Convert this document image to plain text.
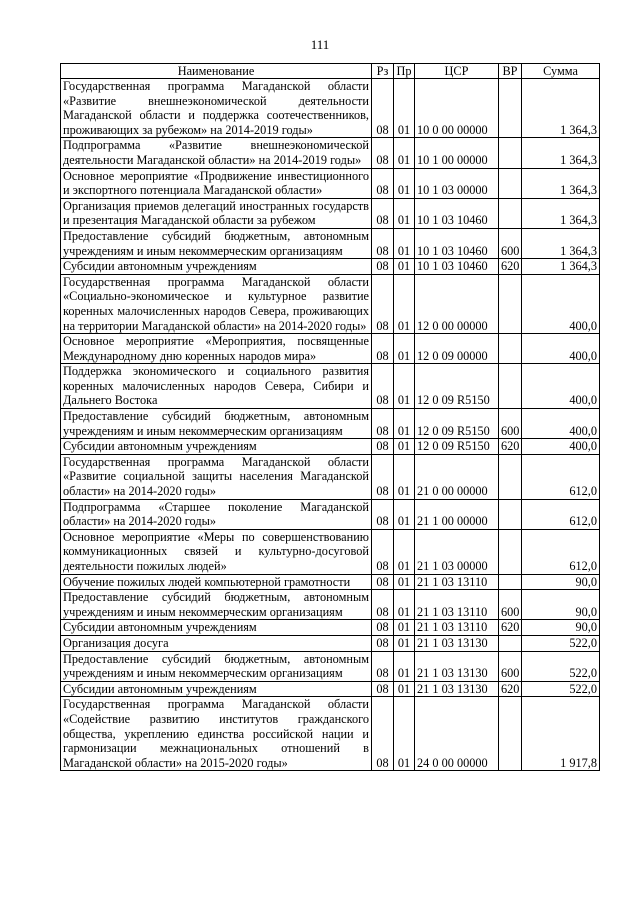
111
Наименование	Рз	Пр	ЦСР	ВР	Сумма
Государственная программа Магаданской области «Развитие внешнеэкономической деятельности Магаданской области и поддержка соотечественников, проживающих за рубежом» на 2014-2019 годы»	08	01	10 0 00 00000		1 364,3
Подпрограмма «Развитие внешнеэкономической деятельности Магаданской области» на 2014-2019 годы»	08	01	10 1 00 00000		1 364,3
Основное мероприятие «Продвижение инвестиционного и экспортного потенциала Магаданской области»	08	01	10 1 03 00000		1 364,3
Организация приемов делегаций иностранных государств и презентация Магаданской области за рубежом	08	01	10 1 03 10460		1 364,3
Предоставление субсидий бюджетным, автономным учреждениям и иным некоммерческим организациям	08	01	10 1 03 10460	600	1 364,3
Субсидии автономным учреждениям	08	01	10 1 03 10460	620	1 364,3
Государственная программа Магаданской области «Социально-экономическое и культурное развитие коренных малочисленных народов Севера, проживающих на территории Магаданской области» на 2014-2020 годы»	08	01	12 0 00 00000		400,0
Основное мероприятие «Мероприятия, посвященные Международному дню коренных народов мира»	08	01	12 0 09 00000		400,0
Поддержка экономического и социального развития коренных малочисленных народов Севера, Сибири и Дальнего Востока	08	01	12 0 09 R5150		400,0
Предоставление субсидий бюджетным, автономным учреждениям и иным некоммерческим организациям	08	01	12 0 09 R5150	600	400,0
Субсидии автономным учреждениям	08	01	12 0 09 R5150	620	400,0
Государственная программа Магаданской области «Развитие социальной защиты населения Магаданской области» на 2014-2020 годы»	08	01	21 0 00 00000		612,0
Подпрограмма «Старшее поколение Магаданской области» на 2014-2020 годы»	08	01	21 1 00 00000		612,0
Основное мероприятие «Меры по совершенствованию коммуникационных связей и культурно-досуговой деятельности пожилых людей»	08	01	21 1 03 00000		612,0
Обучение пожилых людей компьютерной грамотности	08	01	21 1 03 13110		90,0
Предоставление субсидий бюджетным, автономным учреждениям и иным некоммерческим организациям	08	01	21 1 03 13110	600	90,0
Субсидии автономным учреждениям	08	01	21 1 03 13110	620	90,0
Организация досуга	08	01	21 1 03 13130		522,0
Предоставление субсидий бюджетным, автономным учреждениям и иным некоммерческим организациям	08	01	21 1 03 13130	600	522,0
Субсидии автономным учреждениям	08	01	21 1 03 13130	620	522,0
Государственная программа Магаданской области «Содействие развитию институтов гражданского общества, укреплению единства российской нации и гармонизации межнациональных отношений в Магаданской области» на 2015-2020 годы»	08	01	24 0 00 00000		1 917,8
